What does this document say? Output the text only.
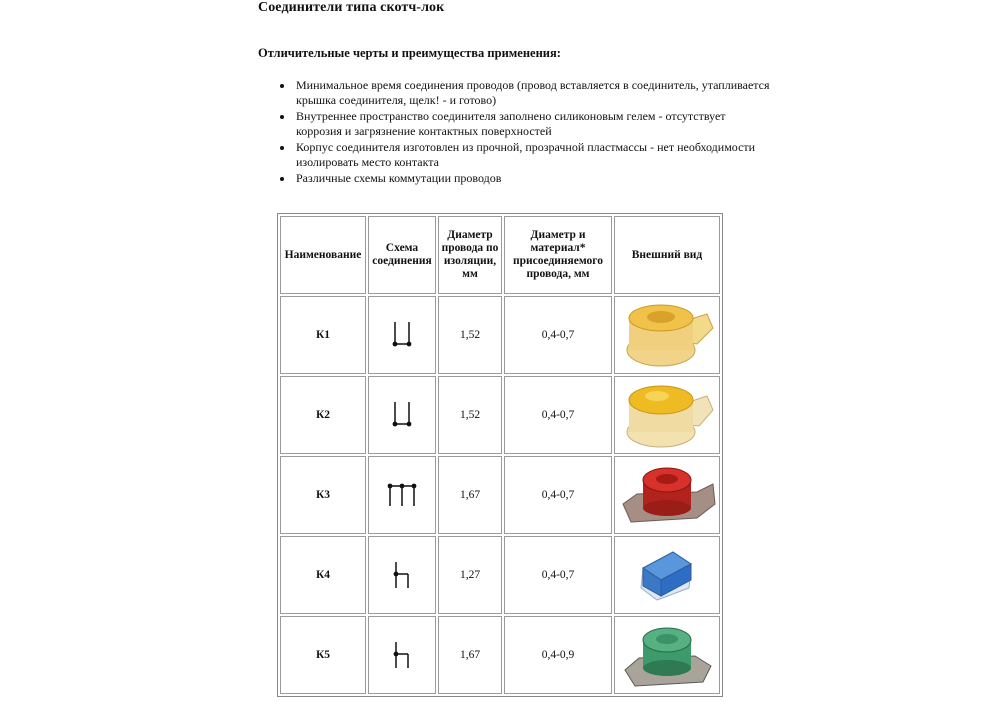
Соединители типа скотч-лок
Отличительные черты и преимущества применения:
• Минимальное время соединения проводов (провод вставляется в соединитель, утапливается крышка соединителя, щелк! - и готово)
• Внутреннее пространство соединителя заполнено силиконовым гелем - отсутствует коррозия и загрязнение контактных поверхностей
• Корпус соединителя изготовлен из прочной, прозрачной пластмассы - нет необходимости изолировать место контакта
• Различные схемы коммутации проводов
Наименование	Схема соединения	Диаметр провода по изоляции, мм	Диаметр и материал* присоединяемого провода, мм	Внешний вид
К1		1,52	0,4-0,7	

К2		1,52	0,4-0,7	

К3		1,67	0,4-0,7	

К4		1,27	0,4-0,7	

К5		1,67	0,4-0,9	
